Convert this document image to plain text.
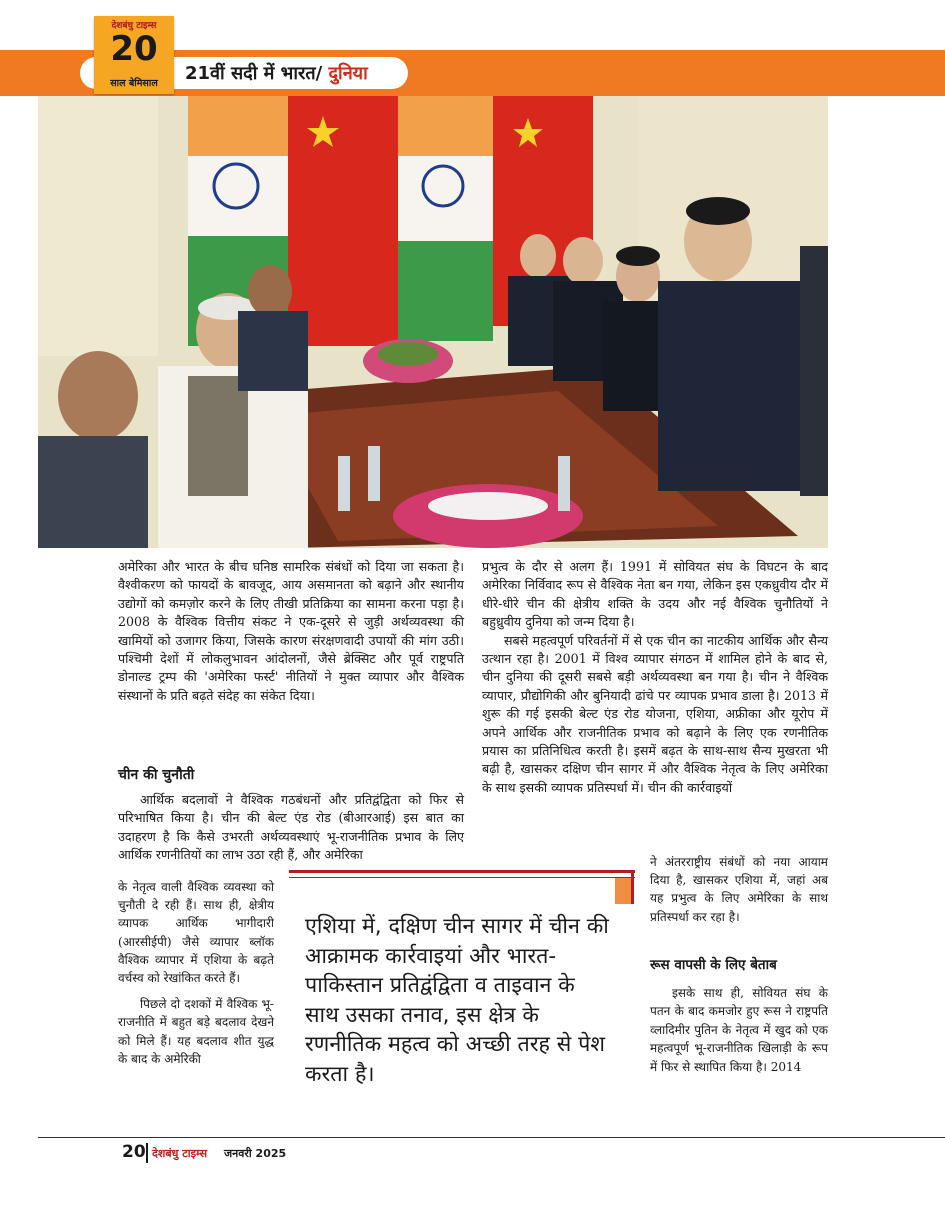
21वीं सदी में भारत/ दुनिया
देशबंधु टाइम्स
20
साल बेमिसाल

अमेरिका और भारत के बीच घनिष्ठ सामरिक संबंधों को दिया जा सकता है। वैश्वीकरण को फायदों के बावजूद, आय असमानता को बढ़ाने और स्थानीय उद्योगों को कमज़ोर करने के लिए तीखी प्रतिक्रिया का सामना करना पड़ा है। 2008 के वैश्विक वित्तीय संकट ने एक-दूसरे से जुड़ी अर्थव्यवस्था की खामियों को उजागर किया, जिसके कारण संरक्षणवादी उपायों की मांग उठी। पश्चिमी देशों में लोकलुभावन आंदोलनों, जैसे ब्रेक्सिट और पूर्व राष्ट्रपति डोनाल्ड ट्रम्प की 'अमेरिका फर्स्ट' नीतियों ने मुक्त व्यापार और वैश्विक संस्थानों के प्रति बढ़ते संदेह का संकेत दिया।

चीन की चुनौती

आर्थिक बदलावों ने वैश्विक गठबंधनों और प्रतिद्वंद्विता को फिर से परिभाषित किया है। चीन की बेल्ट एंड रोड (बीआरआई) इस बात का उदाहरण है कि कैसे उभरती अर्थव्यवस्थाएं भू-राजनीतिक प्रभाव के लिए आर्थिक रणनीतियों का लाभ उठा रही हैं, और अमेरिका

के नेतृत्व वाली वैश्विक व्यवस्था को चुनौती दे रही हैं। साथ ही, क्षेत्रीय व्यापक आर्थिक भागीदारी (आरसीईपी) जैसे व्यापार ब्लॉक वैश्विक व्यापार में एशिया के बढ़ते वर्चस्व को रेखांकित करते हैं।

पिछले दो दशकों में वैश्विक भू-राजनीति में बहुत बड़े बदलाव देखने को मिले हैं। यह बदलाव शीत युद्ध के बाद के अमेरिकी

प्रभुत्व के दौर से अलग हैं। 1991 में सोवियत संघ के विघटन के बाद अमेरिका निर्विवाद रूप से वैश्विक नेता बन गया, लेकिन इस एकध्रुवीय दौर में धीरे-धीरे चीन की क्षेत्रीय शक्ति के उदय और नई वैश्विक चुनौतियों ने बहुध्रुवीय दुनिया को जन्म दिया है।

सबसे महत्वपूर्ण परिवर्तनों में से एक चीन का नाटकीय आर्थिक और सैन्य उत्थान रहा है। 2001 में विश्व व्यापार संगठन में शामिल होने के बाद से, चीन दुनिया की दूसरी सबसे बड़ी अर्थव्यवस्था बन गया है। चीन ने वैश्विक व्यापार, प्रौद्योगिकी और बुनियादी ढांचे पर व्यापक प्रभाव डाला है। 2013 में शुरू की गई इसकी बेल्ट एंड रोड योजना, एशिया, अफ्रीका और यूरोप में अपने आर्थिक और राजनीतिक प्रभाव को बढ़ाने के लिए एक रणनीतिक प्रयास का प्रतिनिधित्व करती है। इसमें बढ़त के साथ-साथ सैन्य मुखरता भी बढ़ी है, खासकर दक्षिण चीन सागर में और वैश्विक नेतृत्व के लिए अमेरिका के साथ इसकी व्यापक प्रतिस्पर्धा में। चीन की कार्रवाइयों

ने अंतरराष्ट्रीय संबंधों को नया आयाम दिया है, खासकर एशिया में, जहां अब यह प्रभुत्व के लिए अमेरिका के साथ प्रतिस्पर्धा कर रहा है।

रूस वापसी के लिए बेताब

इसके साथ ही, सोवियत संघ के पतन के बाद कमजोर हुए रूस ने राष्ट्रपति व्लादिमीर पुतिन के नेतृत्व में खुद को एक महत्वपूर्ण भू-राजनीतिक खिलाड़ी के रूप में फिर से स्थापित किया है। 2014

एशिया में, दक्षिण चीन सागर में चीन की आक्रामक कार्रवाइयां और भारत-पाकिस्तान प्रतिद्वंद्विता व ताइवान के साथ उसका तनाव, इस क्षेत्र के रणनीतिक महत्व को अच्छी तरह से पेश करता है।
20 देशबंधु टाइम्स जनवरी 2025
